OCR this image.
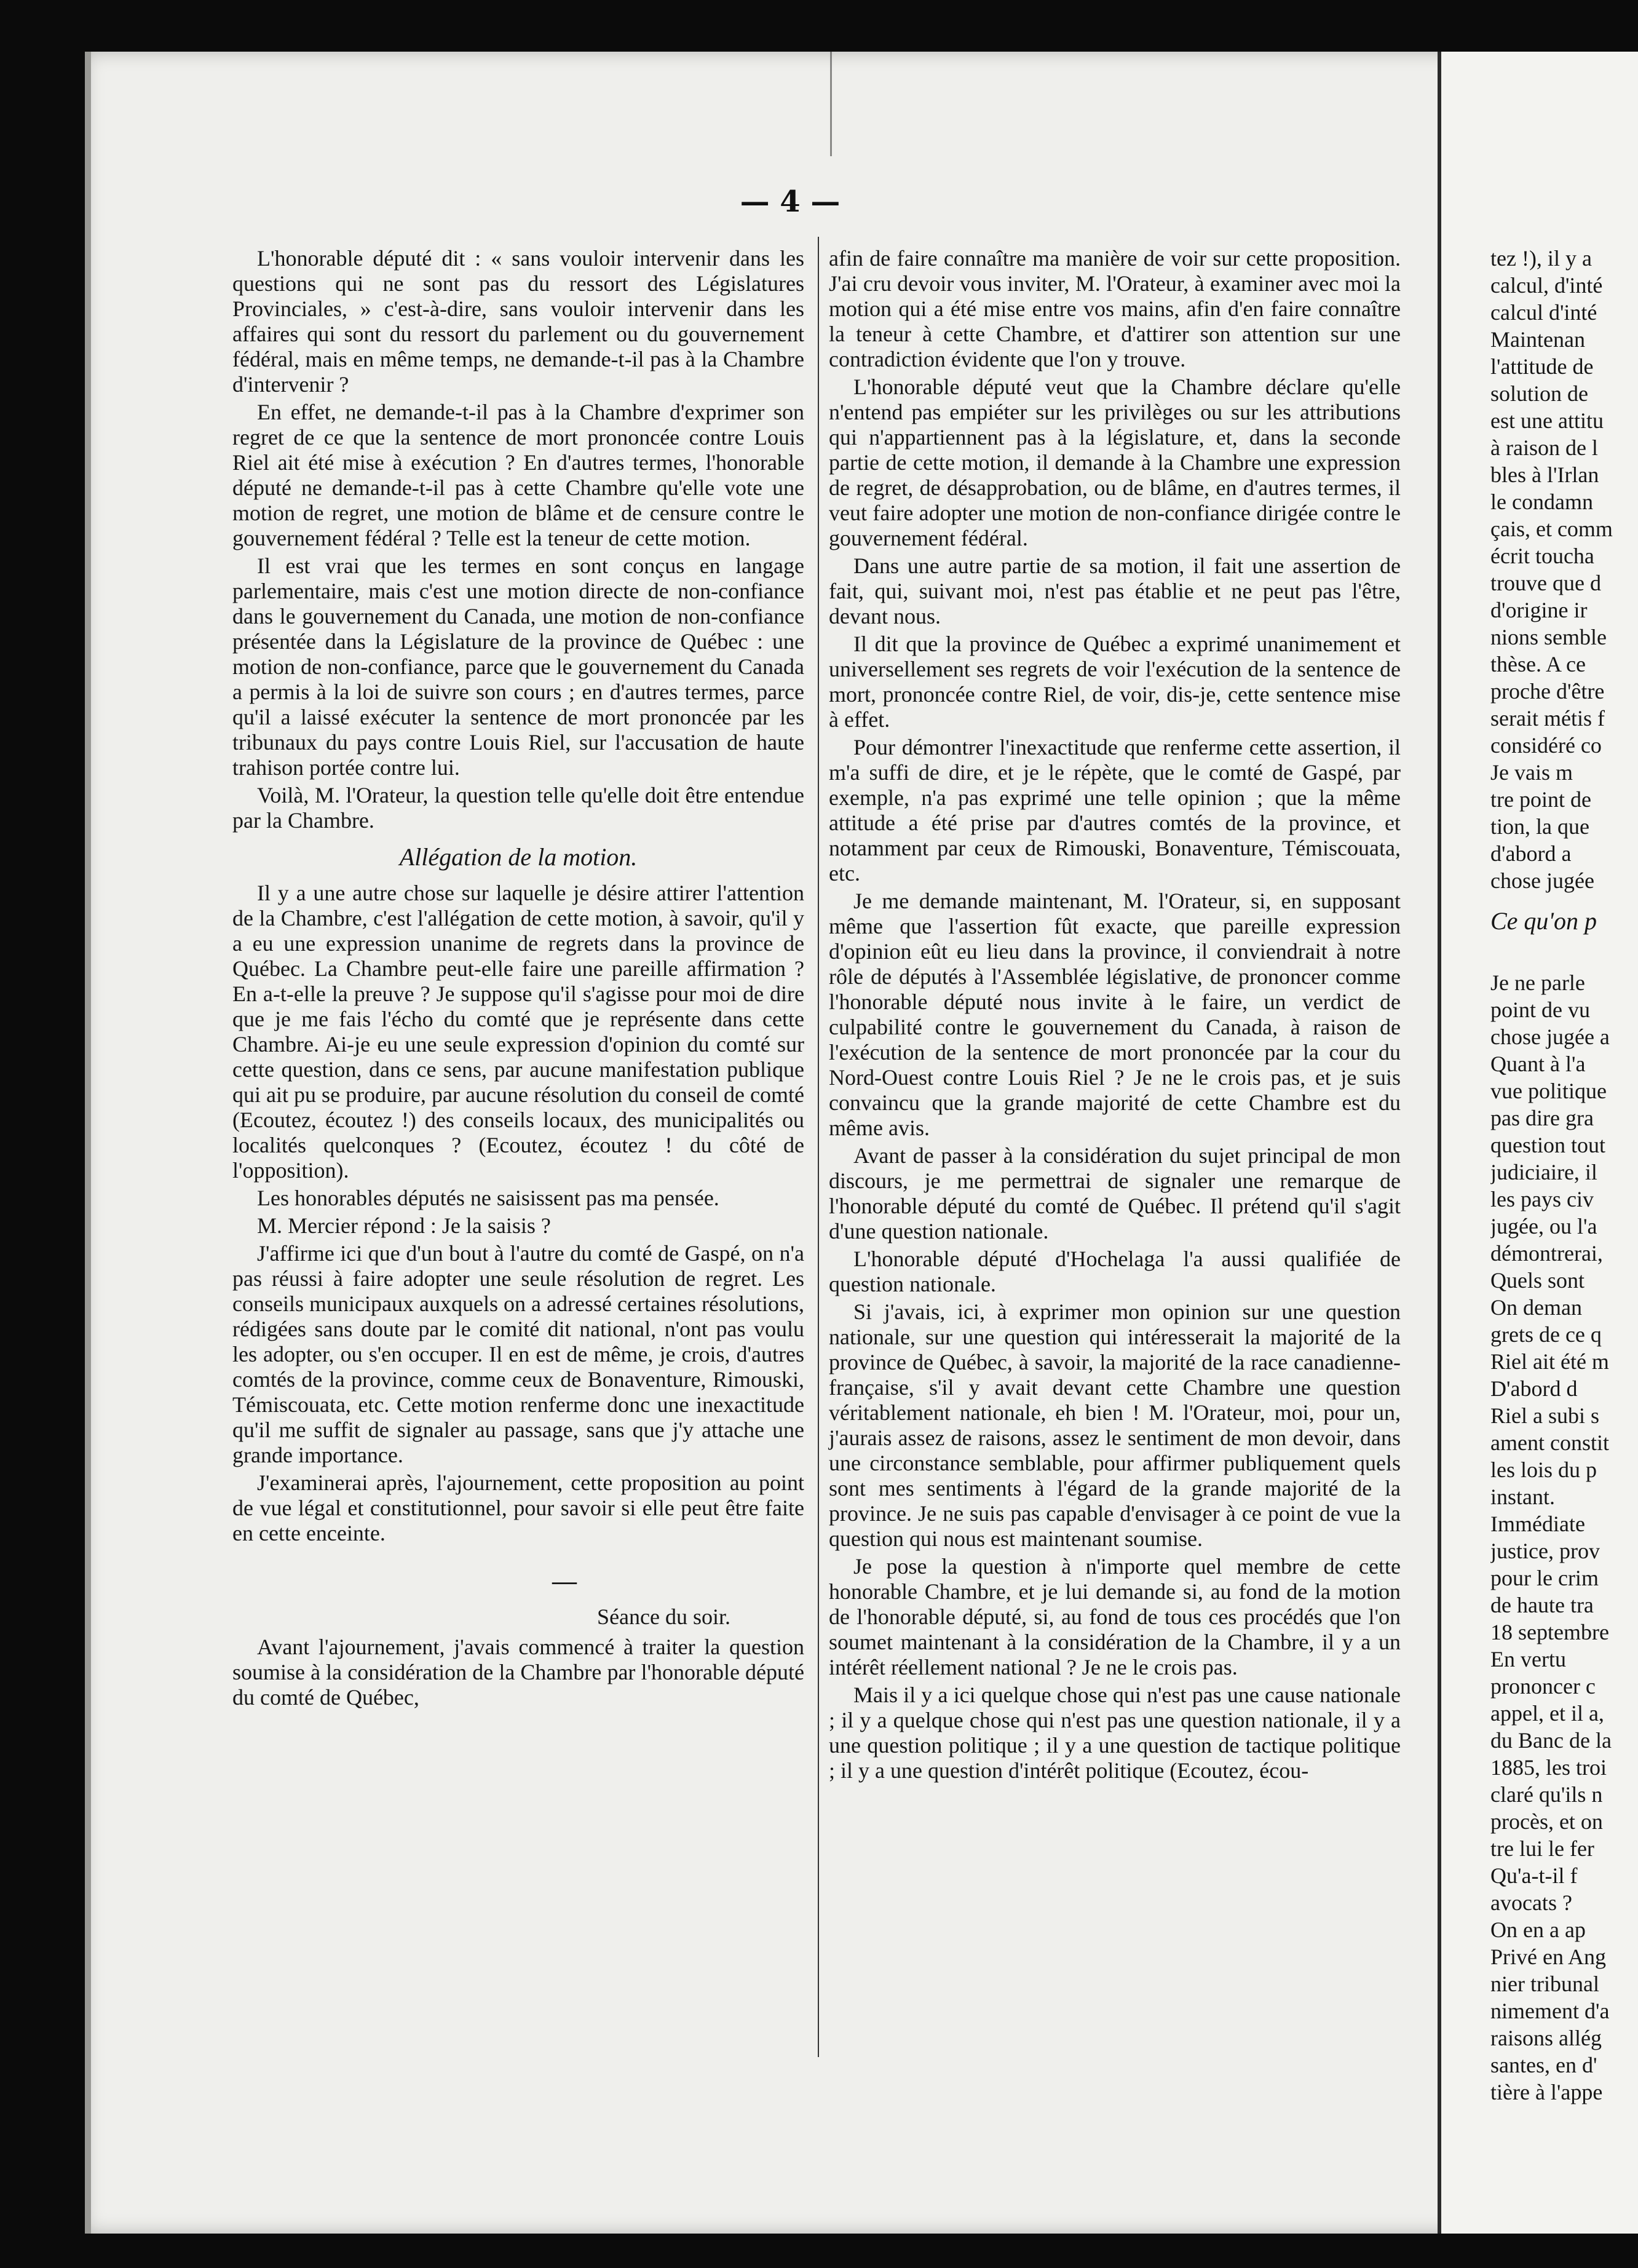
— 4 —

L'honorable député dit : « sans vouloir intervenir dans les questions qui ne sont pas du ressort des Législatures Provinciales, » c'est-à-dire, sans vouloir intervenir dans les affaires qui sont du ressort du parlement ou du gouvernement fédéral, mais en même temps, ne demande-t-il pas à la Chambre d'intervenir ?

En effet, ne demande-t-il pas à la Chambre d'exprimer son regret de ce que la sentence de mort prononcée contre Louis Riel ait été mise à exécution ? En d'autres termes, l'honorable député ne demande-t-il pas à cette Chambre qu'elle vote une motion de regret, une motion de blâme et de censure contre le gouvernement fédéral ? Telle est la teneur de cette motion.

Il est vrai que les termes en sont conçus en langage parlementaire, mais c'est une motion directe de non-confiance dans le gouvernement du Canada, une motion de non-confiance présentée dans la Législature de la province de Québec : une motion de non-confiance, parce que le gouvernement du Canada a permis à la loi de suivre son cours ; en d'autres termes, parce qu'il a laissé exécuter la sentence de mort prononcée par les tribunaux du pays contre Louis Riel, sur l'accusation de haute trahison portée contre lui.

Voilà, M. l'Orateur, la question telle qu'elle doit être entendue par la Chambre.

Allégation de la motion.

Il y a une autre chose sur laquelle je désire attirer l'attention de la Chambre, c'est l'allégation de cette motion, à savoir, qu'il y a eu une expression unanime de regrets dans la province de Québec. La Chambre peut-elle faire une pareille affirmation ? En a-t-elle la preuve ? Je suppose qu'il s'agisse pour moi de dire que je me fais l'écho du comté que je représente dans cette Chambre. Ai-je eu une seule expression d'opinion du comté sur cette question, dans ce sens, par aucune manifestation publique qui ait pu se produire, par aucune résolution du conseil de comté (Ecoutez, écoutez !) des conseils locaux, des municipalités ou localités quelconques ? (Ecoutez, écoutez ! du côté de l'opposition).

Les honorables députés ne saisissent pas ma pensée.

M. Mercier répond : Je la saisis ?

J'affirme ici que d'un bout à l'autre du comté de Gaspé, on n'a pas réussi à faire adopter une seule résolution de regret. Les conseils municipaux auxquels on a adressé certaines résolutions, rédigées sans doute par le comité dit national, n'ont pas voulu les adopter, ou s'en occuper. Il en est de même, je crois, d'autres comtés de la province, comme ceux de Bonaventure, Rimouski, Témiscouata, etc. Cette motion renferme donc une inexactitude qu'il me suffit de signaler au passage, sans que j'y attache une grande importance.

J'examinerai après, l'ajournement, cette proposition au point de vue légal et constitutionnel, pour savoir si elle peut être faite en cette enceinte.

—
Séance du soir.

Avant l'ajournement, j'avais commencé à traiter la question soumise à la considération de la Chambre par l'honorable député du comté de Québec,

afin de faire connaître ma manière de voir sur cette proposition. J'ai cru devoir vous inviter, M. l'Orateur, à examiner avec moi la motion qui a été mise entre vos mains, afin d'en faire connaître la teneur à cette Chambre, et d'attirer son attention sur une contradiction évidente que l'on y trouve.

L'honorable député veut que la Chambre déclare qu'elle n'entend pas empiéter sur les privilèges ou sur les attributions qui n'appartiennent pas à la législature, et, dans la seconde partie de cette motion, il demande à la Chambre une expression de regret, de désapprobation, ou de blâme, en d'autres termes, il veut faire adopter une motion de non-confiance dirigée contre le gouvernement fédéral.

Dans une autre partie de sa motion, il fait une assertion de fait, qui, suivant moi, n'est pas établie et ne peut pas l'être, devant nous.

Il dit que la province de Québec a exprimé unanimement et universellement ses regrets de voir l'exécution de la sentence de mort, prononcée contre Riel, de voir, dis-je, cette sentence mise à effet.

Pour démontrer l'inexactitude que renferme cette assertion, il m'a suffi de dire, et je le répète, que le comté de Gaspé, par exemple, n'a pas exprimé une telle opinion ; que la même attitude a été prise par d'autres comtés de la province, et notamment par ceux de Rimouski, Bonaventure, Témiscouata, etc.

Je me demande maintenant, M. l'Orateur, si, en supposant même que l'assertion fût exacte, que pareille expression d'opinion eût eu lieu dans la province, il conviendrait à notre rôle de députés à l'Assemblée législative, de prononcer comme l'honorable député nous invite à le faire, un verdict de culpabilité contre le gouvernement du Canada, à raison de l'exécution de la sentence de mort prononcée par la cour du Nord-Ouest contre Louis Riel ? Je ne le crois pas, et je suis convaincu que la grande majorité de cette Chambre est du même avis.

Avant de passer à la considération du sujet principal de mon discours, je me permettrai de signaler une remarque de l'honorable député du comté de Québec. Il prétend qu'il s'agit d'une question nationale.

L'honorable député d'Hochelaga l'a aussi qualifiée de question nationale.

Si j'avais, ici, à exprimer mon opinion sur une question nationale, sur une question qui intéresserait la majorité de la province de Québec, à savoir, la majorité de la race canadienne-française, s'il y avait devant cette Chambre une question véritablement nationale, eh bien ! M. l'Orateur, moi, pour un, j'aurais assez de raisons, assez le sentiment de mon devoir, dans une circonstance semblable, pour affirmer publiquement quels sont mes sentiments à l'égard de la grande majorité de la province. Je ne suis pas capable d'envisager à ce point de vue la question qui nous est maintenant soumise.

Je pose la question à n'importe quel membre de cette honorable Chambre, et je lui demande si, au fond de la motion de l'honorable député, si, au fond de tous ces procédés que l'on soumet maintenant à la considération de la Chambre, il y a un intérêt réellement national ? Je ne le crois pas.

Mais il y a ici quelque chose qui n'est pas une cause nationale ; il y a quelque chose qui n'est pas une question nationale, il y a une question politique ; il y a une question de tactique politique ; il y a une question d'intérêt politique (Ecoutez, écou-

tez !), il y a

calcul, d'inté

calcul d'inté

Maintenan

l'attitude de

solution de

est une attitu

à raison de l

bles à l'Irlan

le condamn

çais, et comm

écrit toucha

trouve que d

d'origine ir

nions semble

thèse. A ce

proche d'être

serait métis f

considéré co

Je vais m

tre point de

tion, la que

d'abord a

chose jugée

Ce qu'on p

Je ne parle

point de vu

chose jugée a

Quant à l'a

vue politique

pas dire gra

question tout

judiciaire, il

les pays civ

jugée, ou l'a

démontrerai,

Quels sont

On deman

grets de ce q

Riel ait été m

D'abord d

Riel a subi s

ament constit

les lois du p

instant.

Immédiate

justice, prov

pour le crim

de haute tra

18 septembre

En vertu

prononcer c

appel, et il a,

du Banc de la

1885, les troi

claré qu'ils n

procès, et on

tre lui le fer

Qu'a-t-il f

avocats ?

On en a ap

Privé en Ang

nier tribunal

nimement d'a

raisons allég

santes, en d'

tière à l'appe
